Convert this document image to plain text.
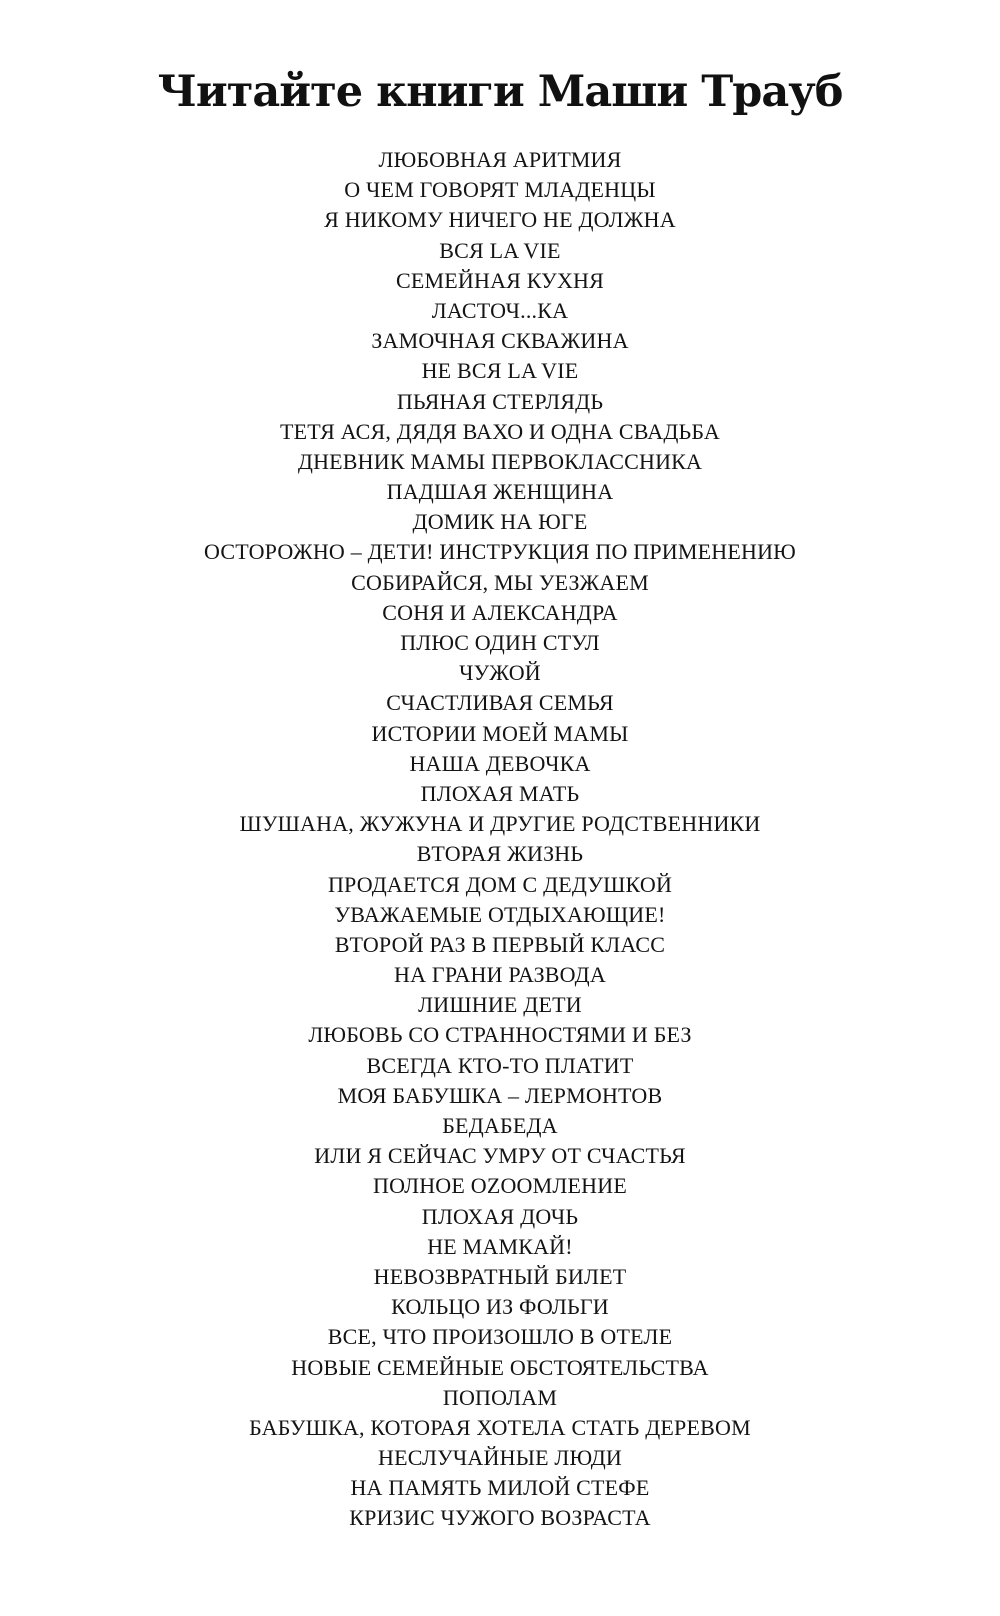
Читайте книги Маши Трауб
ЛЮБОВНАЯ АРИТМИЯ
О ЧЕМ ГОВОРЯТ МЛАДЕНЦЫ
Я НИКОМУ НИЧЕГО НЕ ДОЛЖНА
ВСЯ LA VIE
СЕМЕЙНАЯ КУХНЯ
ЛАСТОЧ...КА
ЗАМОЧНАЯ СКВАЖИНА
НЕ ВСЯ LA VIE
ПЬЯНАЯ СТЕРЛЯДЬ
ТЕТЯ АСЯ, ДЯДЯ ВАХО И ОДНА СВАДЬБА
ДНЕВНИК МАМЫ ПЕРВОКЛАССНИКА
ПАДШАЯ ЖЕНЩИНА
ДОМИК НА ЮГЕ
ОСТОРОЖНО – ДЕТИ! ИНСТРУКЦИЯ ПО ПРИМЕНЕНИЮ
СОБИРАЙСЯ, МЫ УЕЗЖАЕМ
СОНЯ И АЛЕКСАНДРА
ПЛЮС ОДИН СТУЛ
ЧУЖОЙ
СЧАСТЛИВАЯ СЕМЬЯ
ИСТОРИИ МОЕЙ МАМЫ
НАША ДЕВОЧКА
ПЛОХАЯ МАТЬ
ШУШАНА, ЖУЖУНА И ДРУГИЕ РОДСТВЕННИКИ
ВТОРАЯ ЖИЗНЬ
ПРОДАЕТСЯ ДОМ С ДЕДУШКОЙ
УВАЖАЕМЫЕ ОТДЫХАЮЩИЕ!
ВТОРОЙ РАЗ В ПЕРВЫЙ КЛАСС
НА ГРАНИ РАЗВОДА
ЛИШНИЕ ДЕТИ
ЛЮБОВЬ СО СТРАННОСТЯМИ И БЕЗ
ВСЕГДА КТО-ТО ПЛАТИТ
МОЯ БАБУШКА – ЛЕРМОНТОВ
БЕДАБЕДА
ИЛИ Я СЕЙЧАС УМРУ ОТ СЧАСТЬЯ
ПОЛНОЕ OZOOMЛЕНИЕ
ПЛОХАЯ ДОЧЬ
НЕ МАМКАЙ!
НЕВОЗВРАТНЫЙ БИЛЕТ
КОЛЬЦО ИЗ ФОЛЬГИ
ВСЕ, ЧТО ПРОИЗОШЛО В ОТЕЛЕ
НОВЫЕ СЕМЕЙНЫЕ ОБСТОЯТЕЛЬСТВА
ПОПОЛАМ
БАБУШКА, КОТОРАЯ ХОТЕЛА СТАТЬ ДЕРЕВОМ
НЕСЛУЧАЙНЫЕ ЛЮДИ
НА ПАМЯТЬ МИЛОЙ СТЕФЕ
КРИЗИС ЧУЖОГО ВОЗРАСТА
